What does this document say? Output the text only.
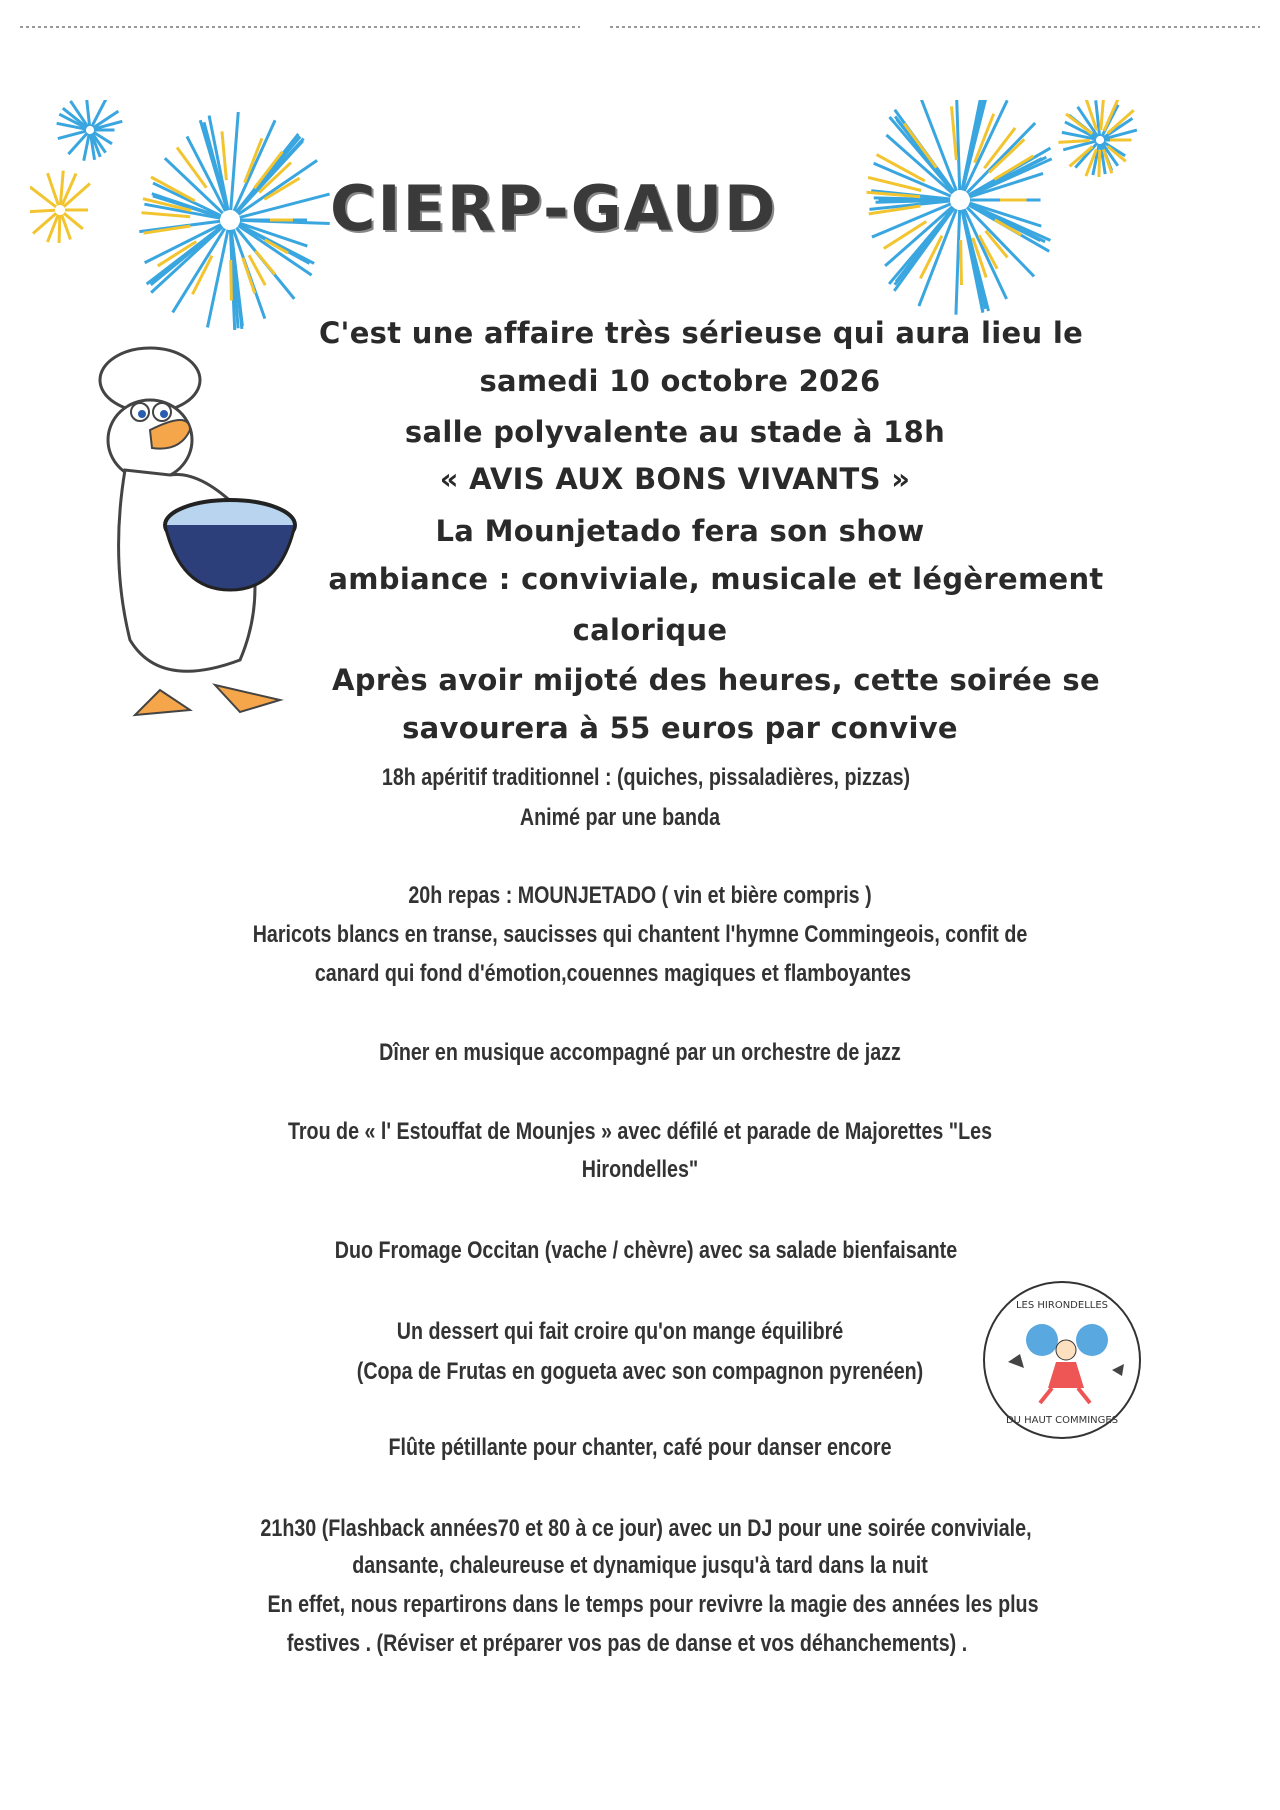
CIERP-GAUD
C'est une affaire très sérieuse qui aura lieu le
samedi 10 octobre 2026
salle polyvalente au stade à 18h
« AVIS AUX BONS VIVANTS »
La Mounjetado fera son show
ambiance : conviviale, musicale et légèrement
calorique
Après avoir mijoté des heures, cette soirée se
savourera à 55 euros par convive
18h apéritif traditionnel : (quiches, pissaladières, pizzas)
Animé par une banda
20h repas : MOUNJETADO ( vin et bière compris )
Haricots blancs en transe, saucisses qui chantent l'hymne Commingeois, confit de
canard qui fond d'émotion,couennes magiques et flamboyantes
Dîner en musique accompagné par un orchestre de jazz
Trou de « l' Estouffat de Mounjes » avec défilé et parade de Majorettes "Les
Hirondelles"
Duo Fromage Occitan (vache / chèvre) avec sa salade bienfaisante
Un dessert qui fait croire qu'on mange équilibré
(Copa de Frutas en gogueta avec son compagnon pyrenéen)
Flûte pétillante pour chanter, café pour danser encore
21h30 (Flashback années70 et 80 à ce jour) avec un DJ pour une soirée conviviale,
dansante, chaleureuse et dynamique jusqu'à tard dans la nuit
En effet, nous repartirons dans le temps pour revivre la magie des années les plus
festives . (Réviser et préparer vos pas de danse et vos déhanchements) .
LES HIRONDELLES
DU HAUT COMMINGES
